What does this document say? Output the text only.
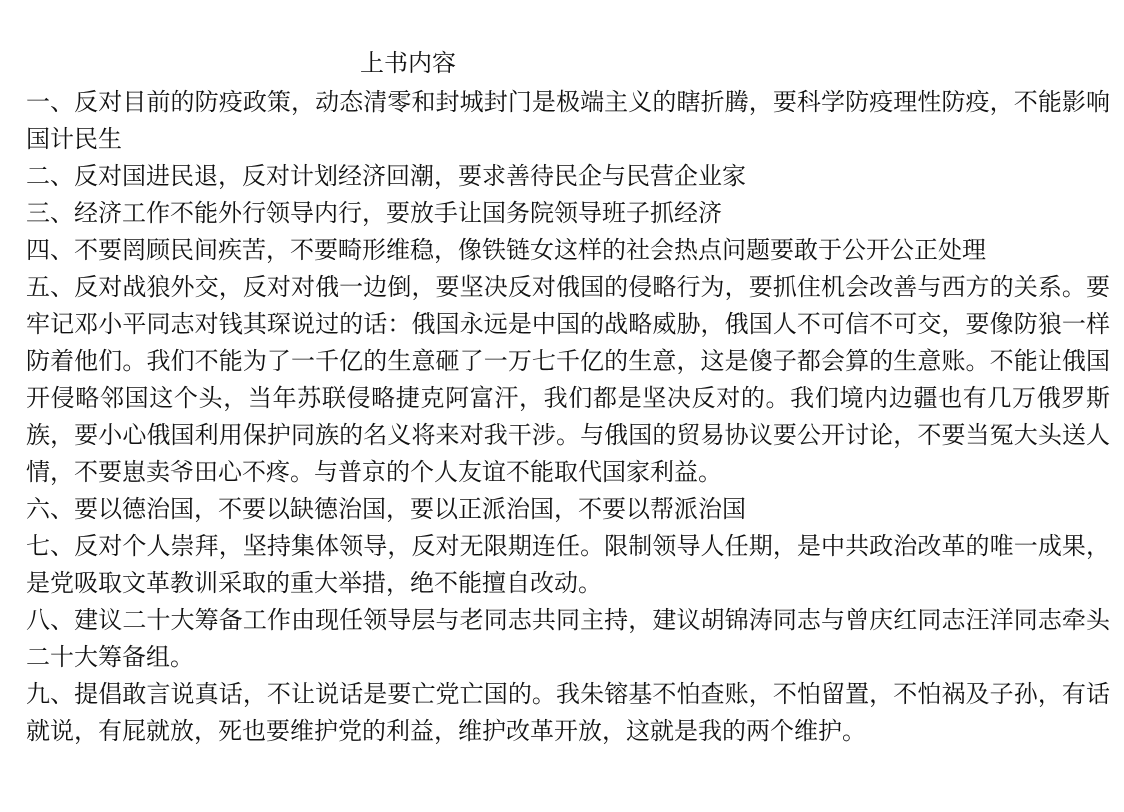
上书内容
一、反对目前的防疫政策，动态清零和封城封门是极端主义的瞎折腾，要科学防疫理性防疫，不能影响国计民生
二、反对国进民退，反对计划经济回潮，要求善待民企与民营企业家
三、经济工作不能外行领导内行，要放手让国务院领导班子抓经济
四、不要罔顾民间疾苦，不要畸形维稳，像铁链女这样的社会热点问题要敢于公开公正处理
五、反对战狼外交，反对对俄一边倒，要坚决反对俄国的侵略行为，要抓住机会改善与西方的关系。要牢记邓小平同志对钱其琛说过的话：俄国永远是中国的战略威胁，俄国人不可信不可交，要像防狼一样防着他们。我们不能为了一千亿的生意砸了一万七千亿的生意，这是傻子都会算的生意账。不能让俄国开侵略邻国这个头，当年苏联侵略捷克阿富汗，我们都是坚决反对的。我们境内边疆也有几万俄罗斯族，要小心俄国利用保护同族的名义将来对我干涉。与俄国的贸易协议要公开讨论，不要当冤大头送人情，不要崽卖爷田心不疼。与普京的个人友谊不能取代国家利益。
六、要以德治国，不要以缺德治国，要以正派治国，不要以帮派治国
七、反对个人崇拜，坚持集体领导，反对无限期连任。限制领导人任期，是中共政治改革的唯一成果，是党吸取文革教训采取的重大举措，绝不能擅自改动。
八、建议二十大筹备工作由现任领导层与老同志共同主持，建议胡锦涛同志与曾庆红同志汪洋同志牵头二十大筹备组。
九、提倡敢言说真话，不让说话是要亡党亡国的。我朱镕基不怕查账，不怕留置，不怕祸及子孙，有话就说，有屁就放，死也要维护党的利益，维护改革开放，这就是我的两个维护。
